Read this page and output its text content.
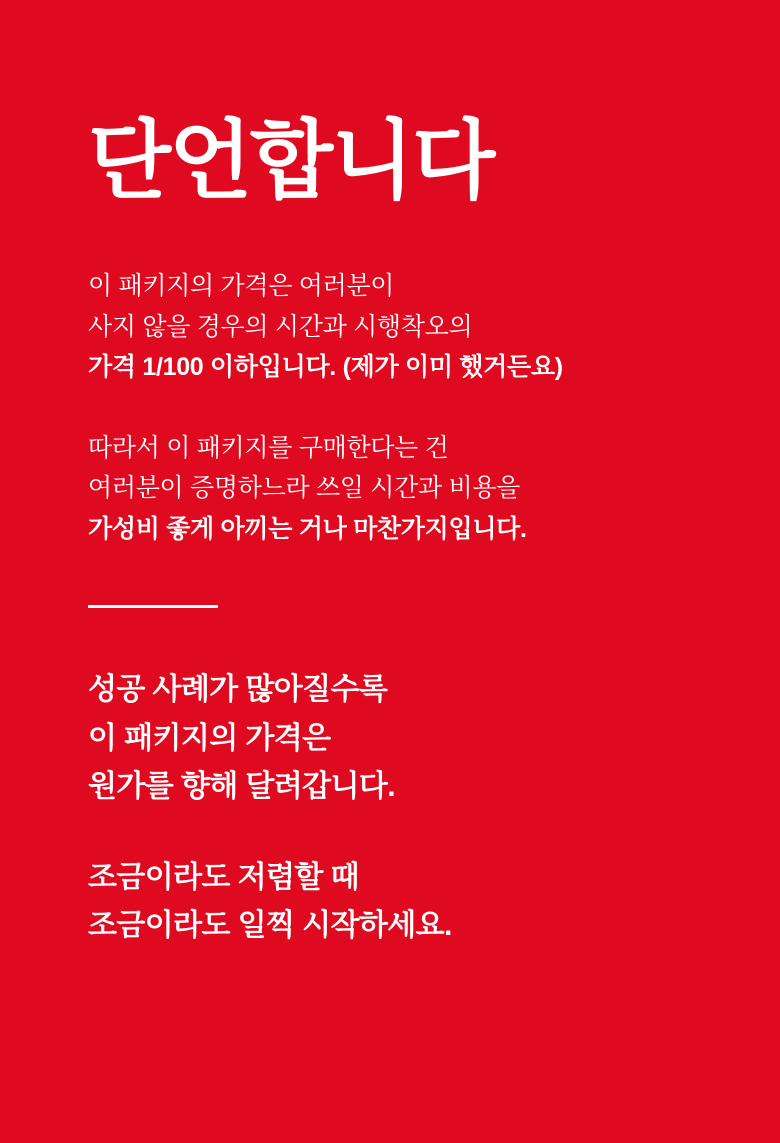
단언합니다
이 패키지의 가격은 여러분이
사지 않을 경우의 시간과 시행착오의
가격 1/100 이하입니다. (제가 이미 했거든요)
따라서 이 패키지를 구매한다는 건
여러분이 증명하느라 쓰일 시간과 비용을
가성비 좋게 아끼는 거나 마찬가지입니다.
성공 사례가 많아질수록
이 패키지의 가격은
원가를 향해 달려갑니다.
조금이라도 저렴할 때
조금이라도 일찍 시작하세요.
